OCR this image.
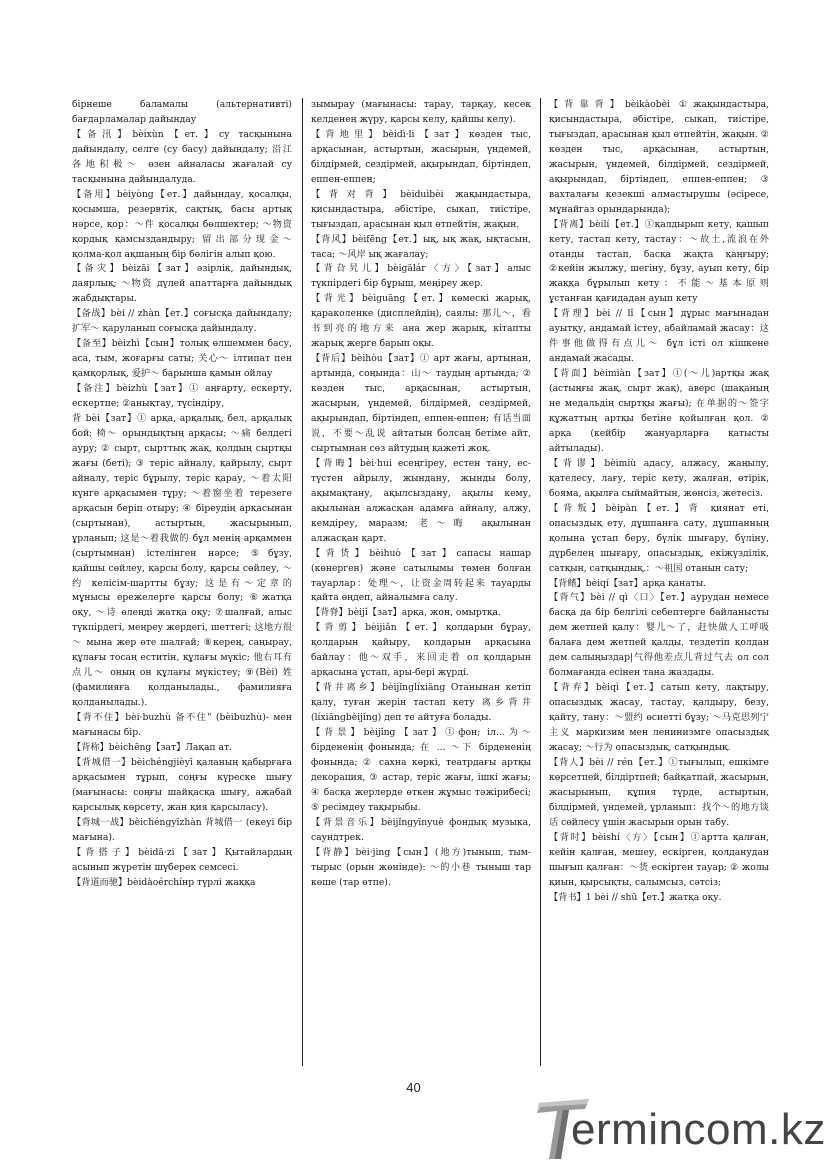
бірнеше баламалы (альтернативті) бағдарламалар дайындау

【备汛】bèixùn【ет.】су тасқынына дайындалу, селге (су басу) дайындалу; 沿江各地积极～ өзен айналасы жағалай су тасқынына дайындалуда.

【备用】bèiyòng【ет.】дайындау, қосалқы, қосымша, резервтік, сақтық, басы артық нәрсе, қор：～件 қосалқы бөлшектер; ～物资 қордық қамсыздандыру; 留出部分现金～ қолма-қол ақшаның бір бөлігін алып қою.

【备灾】bèizāi【зат】әзірлік, дайындық, даярлық; ～物资 дүлей апаттарға дайындық жабдықтары.

【备战】bèi // zhàn【ет.】соғысқа дайындалу; 扩军～ қаруланып соғысқа дайындалу.

【备至】bèizhì【сын】толық өлшеммен басу, аса, тым, жоғарғы саты; 关心～ ілтипат пен қамқорлық, 爱护～ барынша қамын ойлау

【备注】bèizhù【зат】① аңғарту, ескерту, ескертпе; ②анықтау, түсіндіру,

背 bèi【зат】① арқа, арқалық, бел, арқалық бой; 椅～ орындықтың арқасы; ～痛 белдегі ауру; ② сырт, сырттық жақ, қолдың сыртқы жағы (беті); ③ теріс айналу, қайрылу, сырт айналу, теріс бұрылу, теріс қарау, ～着太阳 күнге арқасымен тұру; ～着窗坐着 терезеге арқасын беріп отыру; ④ біреудің арқасынан (сыртынан), астыртын, жасырынып, ұрланып; 这是～着我做的 бұл менің арқаммен (сыртымнан) істелінген нәрсе; ⑤бұзу, қайшы сөйлеу, қарсы болу, қарсы сөйлеу, ～约 келісім-шартты бұзу; 这是有～定章的 мұнысы ережелерге қарсы болу; ⑥жатқа оқу, ～诗 өлеңді жатқа оқу; ⑦шалғай, алыс түкпірдегі, меңреу жердегі, шеттегі; 这地方很～ мына жер өте шалғай; ⑧керең, саңырау, құлағы тосаң еститін, құлағы мүкіс; 他右耳有点儿～ оның он құлағы мүкістеу; ⑨(Bèi) 姓 (фамилияға қолданылады., фамилияға қолданылады.).

【背不住】bèi·buzhù 备不住" (bèibuzhù)- мен мағынасы бір.

【背称】bèichēng【зат】Лақап ат.

【背城借一】bèichéngjièyī қаланың қабырғаға арқасымен тұрып, соңғы күреске шығу (мағынасы: соңғы шайқасқа шығу, ажабай қарсылық көрсету, жан қия қарсыласу).

【背城一战】bèichéngyīzhàn 背城借一 (екеуі бір мағына).

【背搭子】bèidā·zi【зат】Қытайлардың асынып жүретін шүберек семсесі.

【背道而驰】bèidàoérchíнр түрлі жаққа

зымырау (мағынасы: тарау, тарқау, кесек келденең жүру, қарсы келу, қайшы келу).

【背地里】bèidì·li【зат】көзден тыс, арқасынан, астыртын, жасырын, үндемей, білдірмей, сездірмей, ақырындап, біртіндеп, еппен-еппен;

【背对背】bèiduìbèi жақындастыра, қисындастыра, әбістіре, сыкап, тиістіре, тығыздап, арасынан қыл өтпейтін, жақын.

【背风】bèifēng【ет.】ық, ық жақ, ықтасын, таса; ～风岸 ық жағалау;

【背旮旯儿】bèigālár〈方〉【зат】алыс түкпірдегі бір бұрыш, меңіреу жер.

【背光】bèiguāng【ет.】көмескі жарық, қараколенке (дисплейдің), саялы: 那儿～，看书到亮的地方来 ана жер жарық, кітапты жарық жерге барып оқы.

【背后】bèihòu【зат】① арт жағы, артынан, артында, соңында：山～ таудың артында; ② көзден тыс, арқасынан, астыртын, жасырын, үндемей, білдірмей, сездірмей, ақырындап, біртіндеп, еппен-еппен; 有话当面说，不要～乱说 айтатын болсаң бетіме айт, сыртымнан сөз айтудың қажеті жоқ.

【背晦】bèi·hui есеңгіреу, естен тану, ес-түстен айрылу, жындану, жынды болу, ақымақтану, ақылсыздану, ақылы кему, ақылынан алжасқан адамға айналу, алжу, кемдіреу, маразм; 老～晦 ақылынан алжасқан қарт.

【背货】bèihuò【зат】сапасы нашар (көнерген) және сатылымы төмен болған тауарлар：处理～，让资金周转起来 тауарды қайта өңдеп, айналымға салу.

【背脊】bèijǐ【зат】арқа, жон, омыртқа.

【背剪】bèijiǎn【ет.】қолдарын бұрау, қолдарын қайыру, қолдарын арқасына байлау：他～双手，来回走着 ол қолдарын арқасына ұстап, ары-бері жүрді.

【背井离乡】bèijǐnglíxiāng Отанынан кетіп қалу, туған жерін тастап кету 离乡背井 (líxiāngbèijǐng) деп те айтуға болады.

【背景】bèijǐng【зат】①фон; іл...为～ бірдененің фонында; 在 ... ～下 бірдененің фонында; ② сахна көркі, театрдағы артқы декорация, ③ астар, теріс жағы, ішкі жағы; ④ басқа жерлерде өткен жұмыс тәжірибесі; ⑤ ресімдеу тақырыбы.

【背景音乐】bèijǐngyīnyuè фондық музыка, саундтрек.

【背静】bèi·jing【сын】(地方)тыныш, тым-тырыс (орын жөнінде): ～的小巷 тыныш тар көше (тар өтпе).

【背靠背】bèikàobèi ①жақындастыра, қисындастыра, әбістіре, сыкап, тиістіре, тығыздап, арасынан қыл өтпейтін, жақын. ② көзден тыс, арқасынан, астыртын, жасырын, үндемей, білдірмей, сездірмей, ақырындап, біртіндеп, еппен-еппен; ③ вахталағы кезекші алмастырушы (әсіресе, мұнайгаз орындарында);

【背离】bèilí【ет.】①қалдырып кету, қашып кету, тастап кету, тастау：～故土,流浪在外 отанды тастап, басқа жақта қаңғыру; ②кейін жылжу, шегіну, бұзу, ауып кету, бір жаққа бұрылып кету：不能～基本原则 ұстанған қағидадан ауып кету

【背理】bèi // lǐ【сын】дұрыс мағынадан ауытқу, андамай істеу, абайламай жасау：这件事他做得有点儿～ бұл істі ол кішкене андамай жасады.

【背面】bèimiàn【зат】①(～儿)артқы жақ (астыңғы жақ, сырт жақ), аверс (шақаның не медальдің сыртқы жағы); 在单据的～签字 құжаттың артқы бетіне қойылған қол. ② арқа (кейбір жануарларға қатысты айтылады).

【背谬】bèimiù адасу, алжасу, жаңылу, қателесу, лағу, теріс кету, жалған, өтірік, бояма, ақылға сыймайтын, жөнсіз, жетесіз.

【背叛】bèipàn【ет.】背 қиянат еті, опасыздық ету, дұшпанға сату, дұшпанның қолына ұстап беру, бүлік шығару, бүліну, дүрбелең шығару, опасыздық, екіжүзділік, сатқын, сатқындық,：～祖国 отанын сату;

【背鳍】bèiqí【зат】арқа қанаты.

【背气】bèi // qì〈口〉【ет.】аурудан немесе басқа да бір белгілі себептерге байланысты дем жетпей қалу：婴儿～了，赶快做人工呼吸 балаға дем жетпей қалды, тездетіп қолдан дем салыңыздар|气得他差点儿背过气去 ол сол болмағанда есінен тана жаздады.

【背弃】bèiqì【ет.】сатып кету, лақтыру, опасыздық жасау, тастау, қалдыру, безу, қайту, тану：～盟约 өсиетті бұзу; ～马克思列宁主义 маркизим мен ленинизмге опасыздық жасау; ～行为 опасыздық, сатқындық.

【背人】bèi // rén【ет.】①тығылып, ешкімге көрсетпей, білдіртпей; байқатпай, жасырын, жасырынып, құпия түрде, астыртын, білдірмей, үндемей, ұрланып：找个～的地方谈话 сөйлесу үшін жасырын орын табу.

【背时】bèishí〈方〉【сын】①артта қалған, кейін қалған, мешеу, ескірген, қолданудан шығып қалған：～货 ескірген тауар; ② жолы қиын, қырсықты, салымсыз, сәтсіз;

【背书】1 bèi // shū【ет.】жатқа оқу.

40
ermincom.kz
